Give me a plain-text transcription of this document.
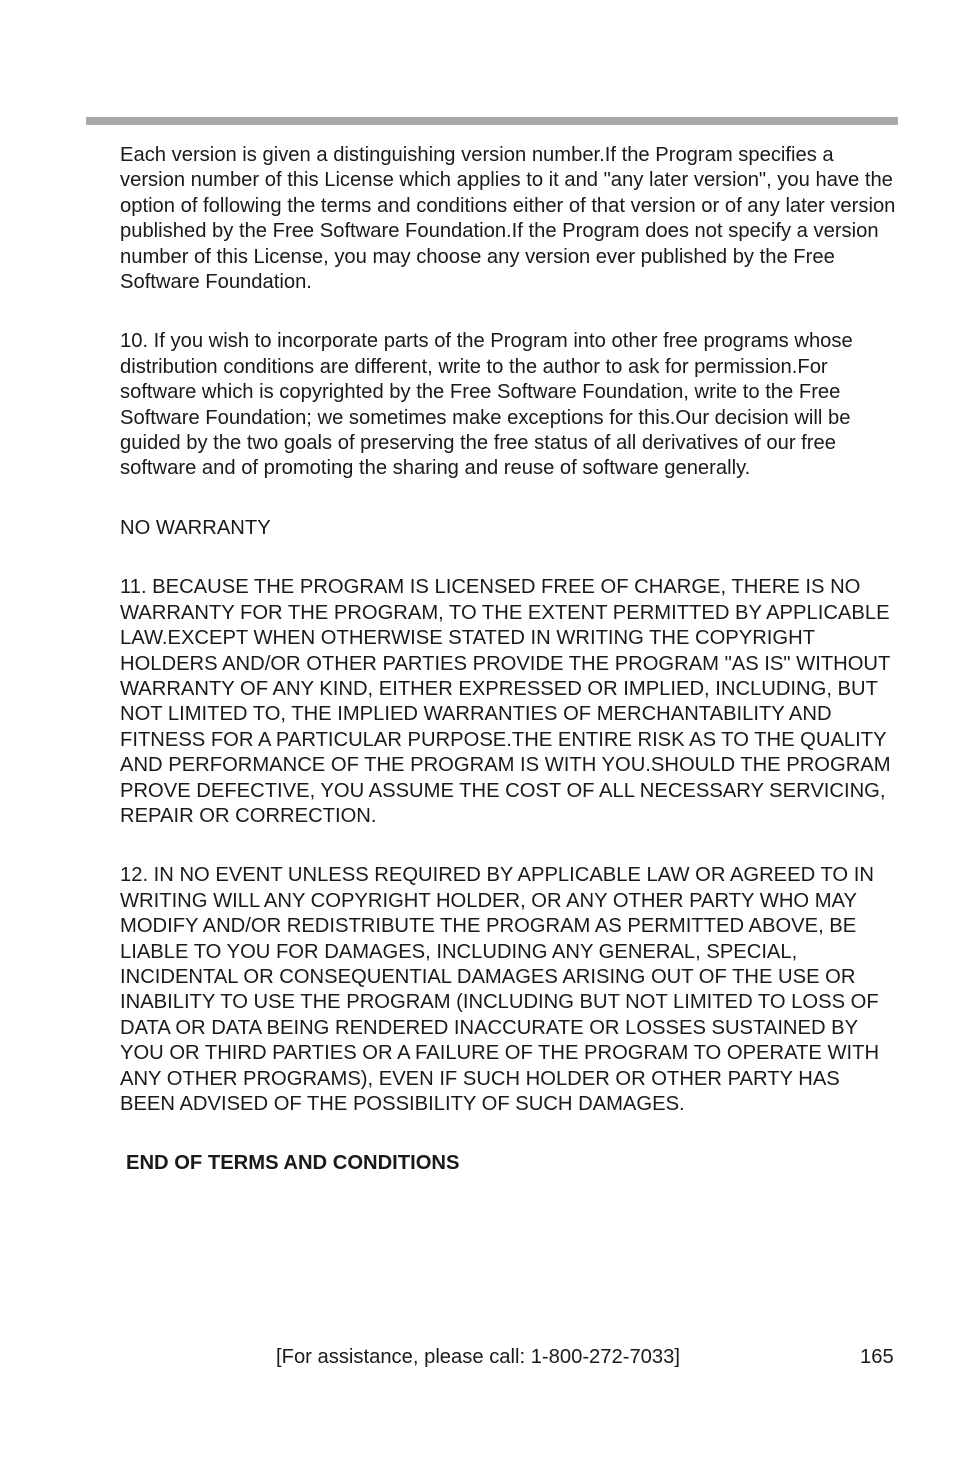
Each version is given a distinguishing version number.If the Program specifies a version number of this License which applies to it and "any later version", you have the option of following the terms and conditions either of that version or of any later version published by the Free Software Foundation.If the Program does not specify a version number of this License, you may choose any version ever published by the Free Software Foundation.

10. If you wish to incorporate parts of the Program into other free programs whose distribution conditions are different, write to the author to ask for permission.For software which is copyrighted by the Free Software Foundation, write to the Free Software Foundation; we sometimes make exceptions for this.Our decision will be guided by the two goals of preserving the free status of all derivatives of our free software and of promoting the sharing and reuse of software generally.

NO WARRANTY

11. BECAUSE THE PROGRAM IS LICENSED FREE OF CHARGE, THERE IS NO WARRANTY FOR THE PROGRAM, TO THE EXTENT PERMITTED BY APPLICABLE LAW.EXCEPT WHEN OTHERWISE STATED IN WRITING THE COPYRIGHT HOLDERS AND/OR OTHER PARTIES PROVIDE THE PROGRAM "AS IS" WITHOUT WARRANTY OF ANY KIND, EITHER EXPRESSED OR IMPLIED, INCLUDING, BUT NOT LIMITED TO, THE IMPLIED WARRANTIES OF MERCHANTABILITY AND FITNESS FOR A PARTICULAR PURPOSE.THE ENTIRE RISK AS TO THE QUALITY AND PERFORMANCE OF THE PROGRAM IS WITH YOU.SHOULD THE PROGRAM PROVE DEFECTIVE, YOU ASSUME THE COST OF ALL NECESSARY SERVICING, REPAIR OR CORRECTION.

12. IN NO EVENT UNLESS REQUIRED BY APPLICABLE LAW OR AGREED TO IN WRITING WILL ANY COPYRIGHT HOLDER, OR ANY OTHER PARTY WHO MAY MODIFY AND/OR REDISTRIBUTE THE PROGRAM AS PERMITTED ABOVE, BE LIABLE TO YOU FOR DAMAGES, INCLUDING ANY GENERAL, SPECIAL, INCIDENTAL OR CONSEQUENTIAL DAMAGES ARISING OUT OF THE USE OR INABILITY TO USE THE PROGRAM (INCLUDING BUT NOT LIMITED TO LOSS OF DATA OR DATA BEING RENDERED INACCURATE OR LOSSES SUSTAINED BY YOU OR THIRD PARTIES OR A FAILURE OF THE PROGRAM TO OPERATE WITH ANY OTHER PROGRAMS), EVEN IF SUCH HOLDER OR OTHER PARTY HAS BEEN ADVISED OF THE POSSIBILITY OF SUCH DAMAGES.

END OF TERMS AND CONDITIONS

[For assistance, please call: 1-800-272-7033]	165
